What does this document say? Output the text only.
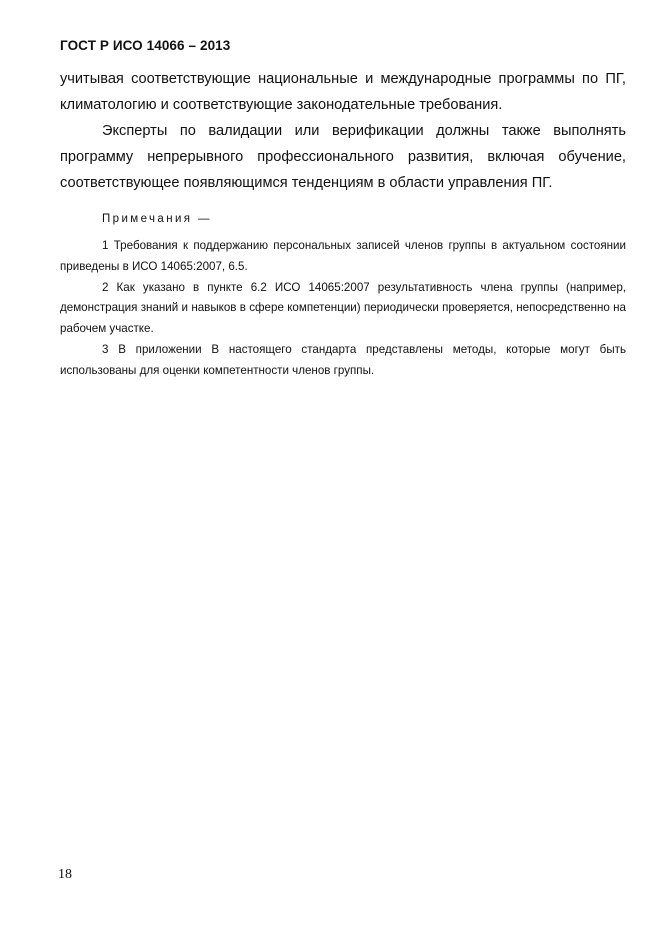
ГОСТ Р ИСО 14066 – 2013

учитывая соответствующие национальные и международные программы по ПГ, климатологию и соответствующие законодательные требования.

Эксперты по валидации или верификации должны также выполнять программу непрерывного профессионального развития, включая обучение, соответствующее появляющимся тенденциям в области управления ПГ.

Примечания —

1 Требования к поддержанию персональных записей членов группы в актуальном состоянии приведены в ИСО 14065:2007, 6.5.

2 Как указано в пункте 6.2 ИСО 14065:2007 результативность члена группы (например, демонстрация знаний и навыков в сфере компетенции) периодически проверяется, непосредственно на рабочем участке.

3 В приложении В настоящего стандарта представлены методы, которые могут быть использованы для оценки компетентности членов группы.

18
